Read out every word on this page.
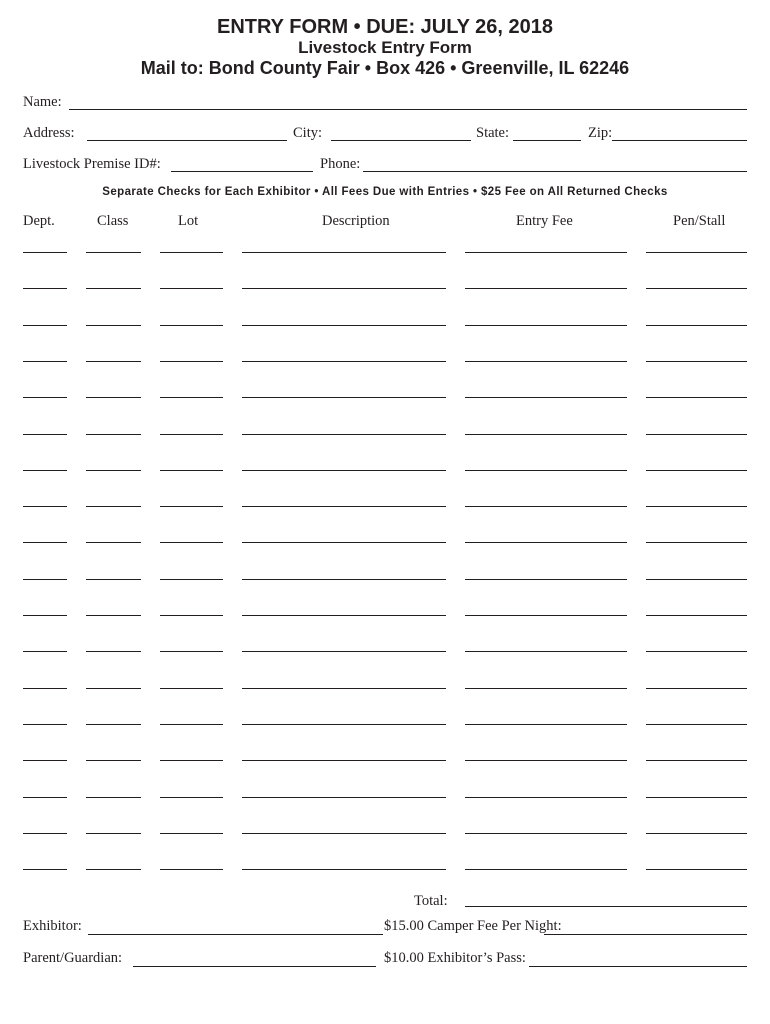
ENTRY FORM • DUE: JULY 26, 2018
Livestock Entry Form
Mail to: Bond County Fair • Box 426 • Greenville, IL 62246
Name:
Address:	City:	State:	Zip:
Livestock Premise ID#:	Phone:
Separate Checks for Each Exhibitor • All Fees Due with Entries • $25 Fee on All Returned Checks
Dept.	Class	Lot	Description	Entry Fee	Pen/Stall
Total:
Exhibitor:	$15.00 Camper Fee Per Night:
Parent/Guardian:	$10.00 Exhibitor’s Pass:
